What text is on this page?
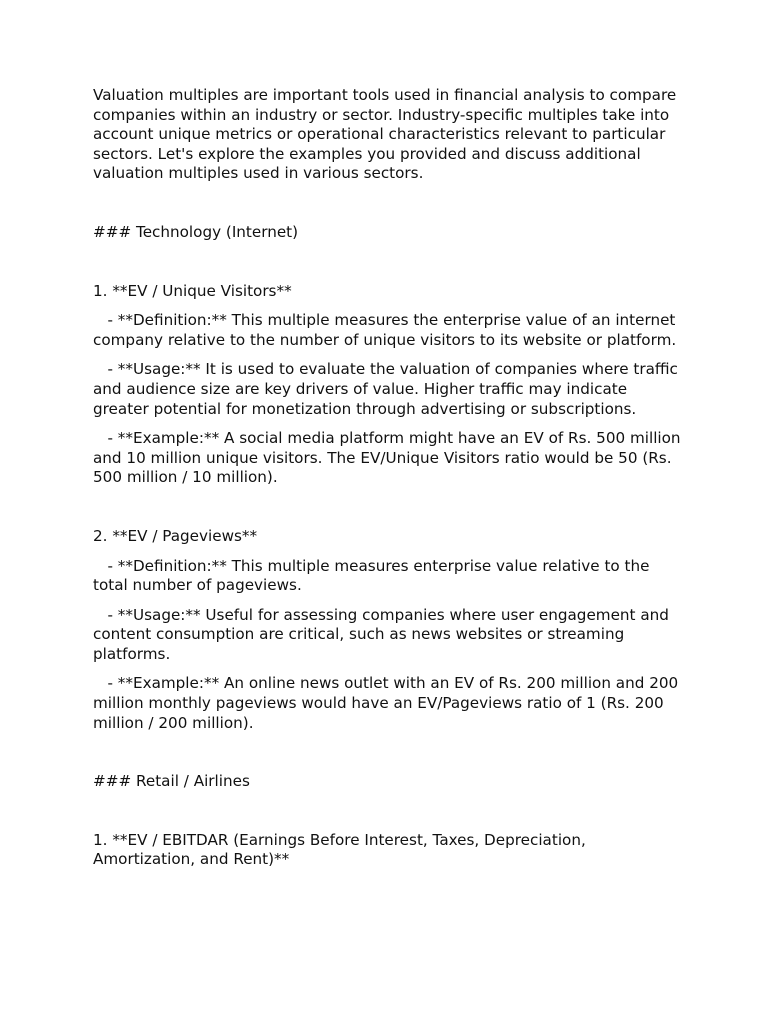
Valuation multiples are important tools used in financial analysis to compare companies within an industry or sector. Industry-specific multiples take into account unique metrics or operational characteristics relevant to particular sectors. Let's explore the examples you provided and discuss additional valuation multiples used in various sectors.

### Technology (Internet)

1. **EV / Unique Visitors**

- **Definition:** This multiple measures the enterprise value of an internet company relative to the number of unique visitors to its website or platform.

- **Usage:** It is used to evaluate the valuation of companies where traffic and audience size are key drivers of value. Higher traffic may indicate greater potential for monetization through advertising or subscriptions.

- **Example:** A social media platform might have an EV of Rs. 500 million and 10 million unique visitors. The EV/Unique Visitors ratio would be 50 (Rs. 500 million / 10 million).

2. **EV / Pageviews**

- **Definition:** This multiple measures enterprise value relative to the total number of pageviews.

- **Usage:** Useful for assessing companies where user engagement and content consumption are critical, such as news websites or streaming platforms.

- **Example:** An online news outlet with an EV of Rs. 200 million and 200 million monthly pageviews would have an EV/Pageviews ratio of 1 (Rs. 200 million / 200 million).

### Retail / Airlines

1. **EV / EBITDAR (Earnings Before Interest, Taxes, Depreciation, Amortization, and Rent)**
